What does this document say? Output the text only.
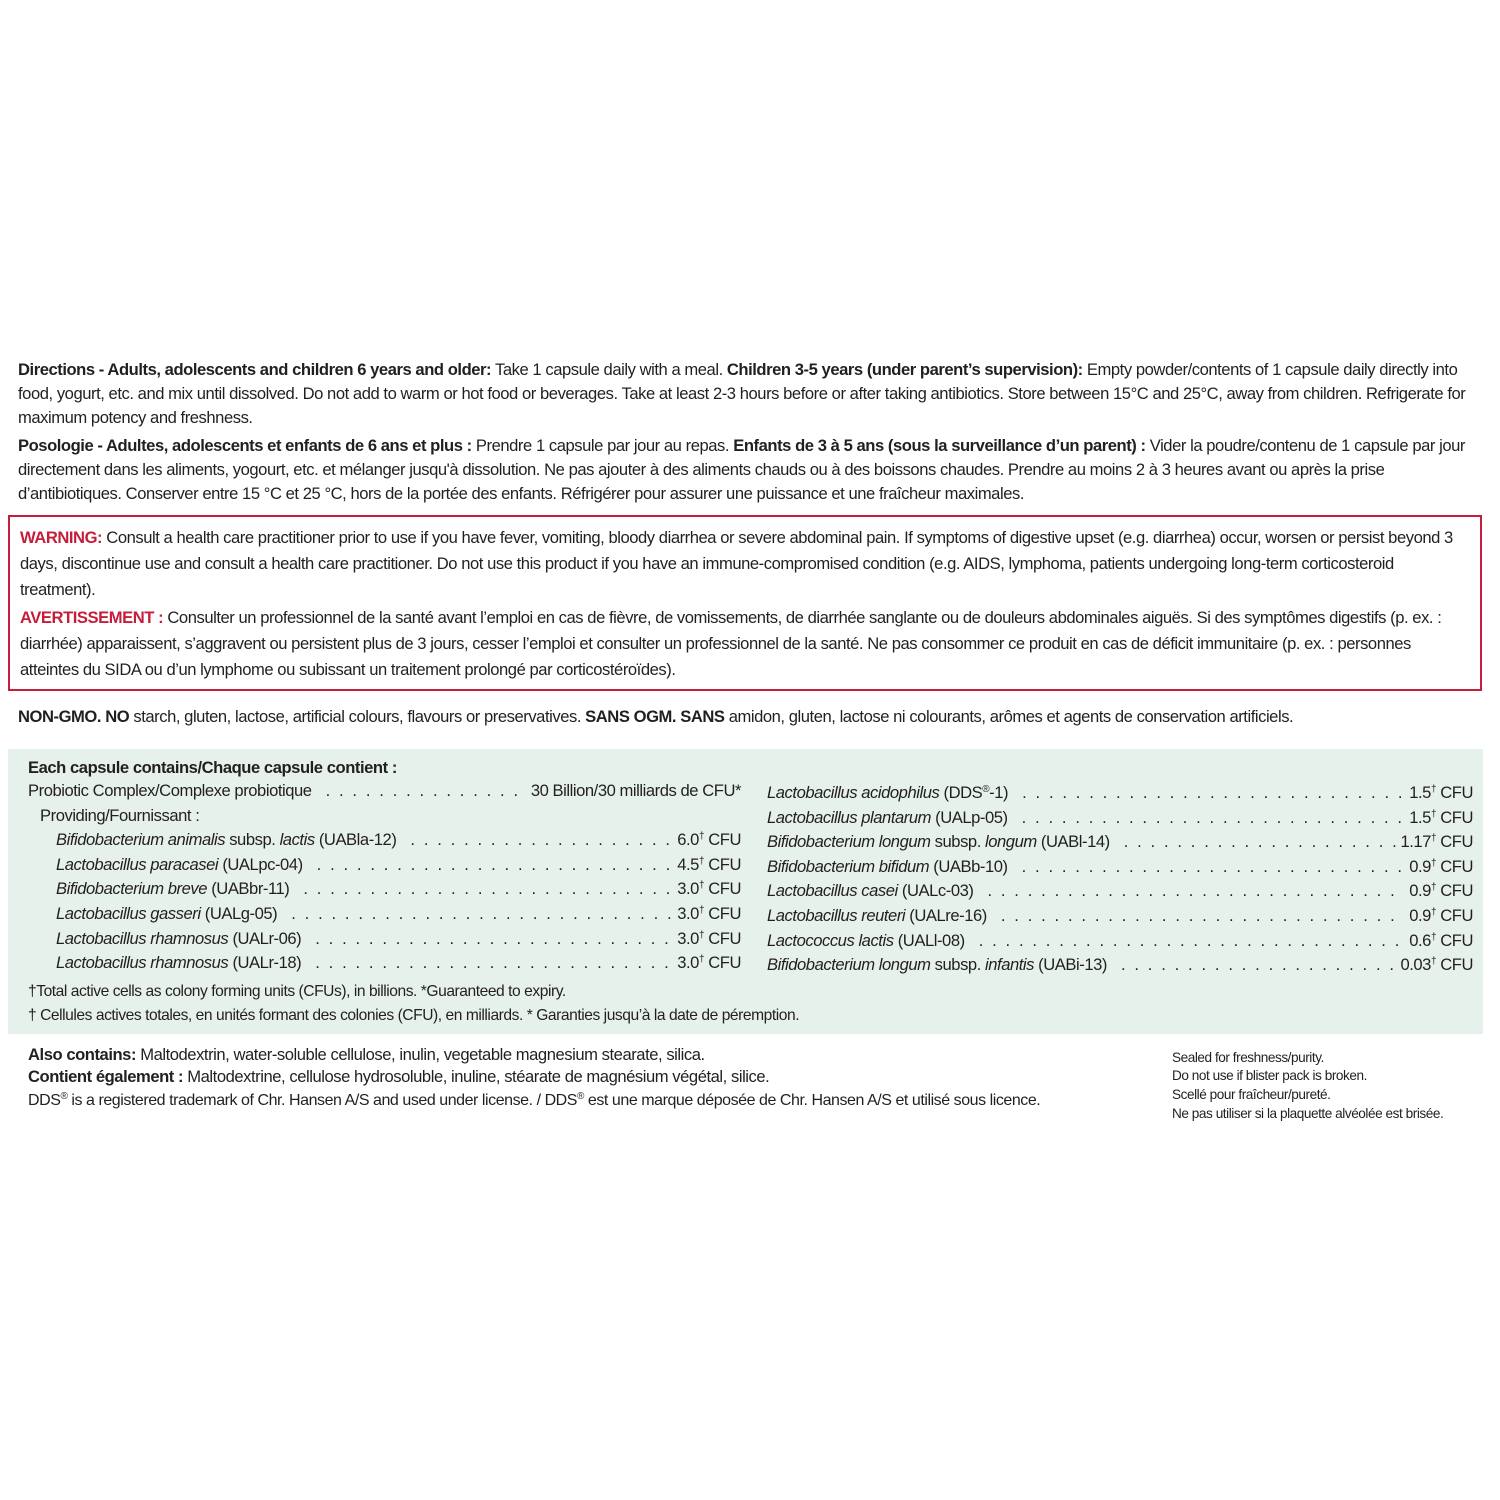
Directions - Adults, adolescents and children 6 years and older: Take 1 capsule daily with a meal. Children 3-5 years (under parent’s supervision): Empty powder/contents of 1 capsule daily directly into food, yogurt, etc. and mix until dissolved. Do not add to warm or hot food or beverages. Take at least 2-3 hours before or after taking antibiotics. Store between 15°C and 25°C, away from children. Refrigerate for maximum potency and freshness.

Posologie - Adultes, adolescents et enfants de 6 ans et plus : Prendre 1 capsule par jour au repas. Enfants de 3 à 5 ans (sous la surveillance d’un parent) : Vider la poudre/contenu de 1 capsule par jour directement dans les aliments, yogourt, etc. et mélanger jusqu'à dissolution. Ne pas ajouter à des aliments chauds ou à des boissons chaudes. Prendre au moins 2 à 3 heures avant ou après la prise d’antibiotiques. Conserver entre 15 °C et 25 °C, hors de la portée des enfants. Réfrigérer pour assurer une puissance et une fraîcheur maximales.

WARNING: Consult a health care practitioner prior to use if you have fever, vomiting, bloody diarrhea or severe abdominal pain. If symptoms of digestive upset (e.g. diarrhea) occur, worsen or persist beyond 3 days, discontinue use and consult a health care practitioner. Do not use this product if you have an immune-compromised condition (e.g. AIDS, lymphoma, patients undergoing long-term corticosteroid treatment).

AVERTISSEMENT : Consulter un professionnel de la santé avant l’emploi en cas de fièvre, de vomissements, de diarrhée sanglante ou de douleurs abdominales aiguës. Si des symptômes digestifs (p. ex. : diarrhée) apparaissent, s’aggravent ou persistent plus de 3 jours, cesser l’emploi et consulter un professionnel de la santé. Ne pas consommer ce produit en cas de déficit immunitaire (p. ex. : personnes atteintes du SIDA ou d’un lymphome ou subissant un traitement prolongé par corticostéroïdes).

NON-GMO. NO starch, gluten, lactose, artificial colours, flavours or preservatives. SANS OGM. SANS amidon, gluten, lactose ni colourants, arômes et agents de conservation artificiels.
Each capsule contains/Chaque capsule contient :
Probiotic Complex/Complexe probiotique . . .	30 Billion/30 milliards de CFU*
Providing/Fournissant :
Bifidobacterium animalis subsp. lactis (UABla-12) . . .	6.0† CFU
Lactobacillus paracasei (UALpc-04) . . .	4.5† CFU
Bifidobacterium breve (UABbr-11) . . .	3.0† CFU
Lactobacillus gasseri (UALg-05) . . .	3.0† CFU
Lactobacillus rhamnosus (UALr-06) . . .	3.0† CFU
Lactobacillus rhamnosus (UALr-18) . . .	3.0† CFU
Lactobacillus acidophilus (DDS®-1) . . .	1.5† CFU
Lactobacillus plantarum (UALp-05) . . .	1.5† CFU
Bifidobacterium longum subsp. longum (UABl-14) . . .	1.17† CFU
Bifidobacterium bifidum (UABb-10) . . .	0.9† CFU
Lactobacillus casei (UALc-03) . . .	0.9† CFU
Lactobacillus reuteri (UALre-16) . . .	0.9† CFU
Lactococcus lactis (UALl-08) . . .	0.6† CFU
Bifidobacterium longum subsp. infantis (UABi-13) . . .	0.03† CFU
†Total active cells as colony forming units (CFUs), in billions. *Guaranteed to expiry.
† Cellules actives totales, en unités formant des colonies (CFU), en milliards. * Garanties jusqu’à la date de péremption.
Also contains: Maltodextrin, water-soluble cellulose, inulin, vegetable magnesium stearate, silica.
Contient également : Maltodextrine, cellulose hydrosoluble, inuline, stéarate de magnésium végétal, silice.
DDS® is a registered trademark of Chr. Hansen A/S and used under license. / DDS® est une marque déposée de Chr. Hansen A/S et utilisé sous licence.
Sealed for freshness/purity.
Do not use if blister pack is broken.
Scellé pour fraîcheur/pureté.
Ne pas utiliser si la plaquette alvéolée est brisée.
